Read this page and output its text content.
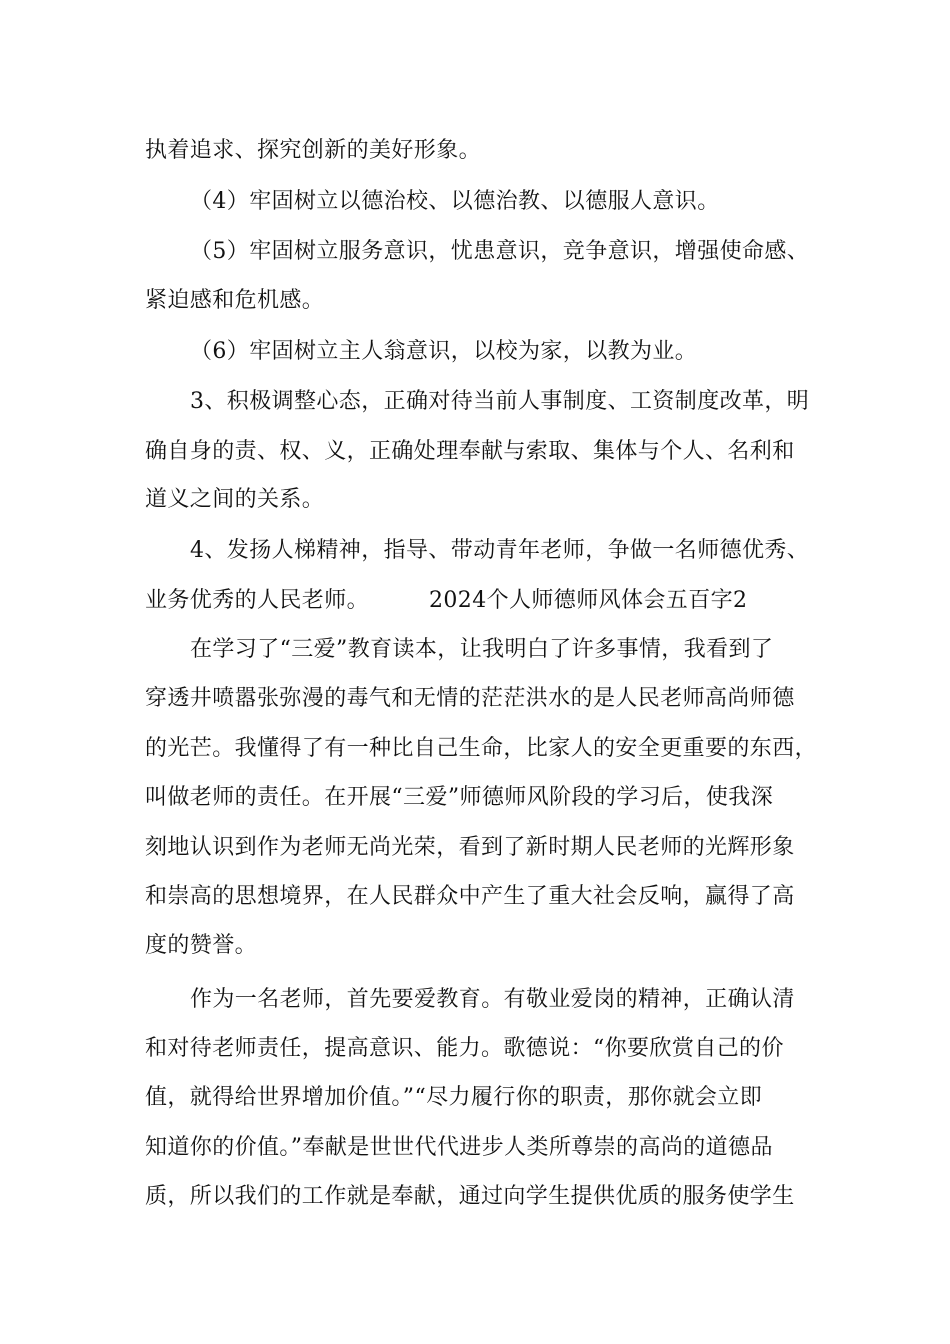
执着追求、探究创新的美好形象。
（4）牢固树立以德治校、以德治教、以德服人意识。
（5）牢固树立服务意识，忧患意识，竞争意识，增强使命感、
紧迫感和危机感。
（6）牢固树立主人翁意识，以校为家，以教为业。
3、积极调整心态，正确对待当前人事制度、工资制度改革，明
确自身的责、权、义，正确处理奉献与索取、集体与个人、名利和
道义之间的关系。
4、发扬人梯精神，指导、带动青年老师，争做一名师德优秀、
业务优秀的人民老师。	2024个人师德师风体会五百字2
在学习了“三爱”教育读本，让我明白了许多事情，我看到了
穿透井喷嚣张弥漫的毒气和无情的茫茫洪水的是人民老师高尚师德
的光芒。我懂得了有一种比自己生命，比家人的安全更重要的东西，
叫做老师的责任。在开展“三爱”师德师风阶段的学习后，使我深
刻地认识到作为老师无尚光荣，看到了新时期人民老师的光辉形象
和崇高的思想境界，在人民群众中产生了重大社会反响，赢得了高
度的赞誉。
作为一名老师，首先要爱教育。有敬业爱岗的精神，正确认清
和对待老师责任，提高意识、能力。歌德说：“你要欣赏自己的价
值，就得给世界增加价值。”“尽力履行你的职责，那你就会立即
知道你的价值。”奉献是世世代代进步人类所尊崇的高尚的道德品
质，所以我们的工作就是奉献，通过向学生提供优质的服务使学生
